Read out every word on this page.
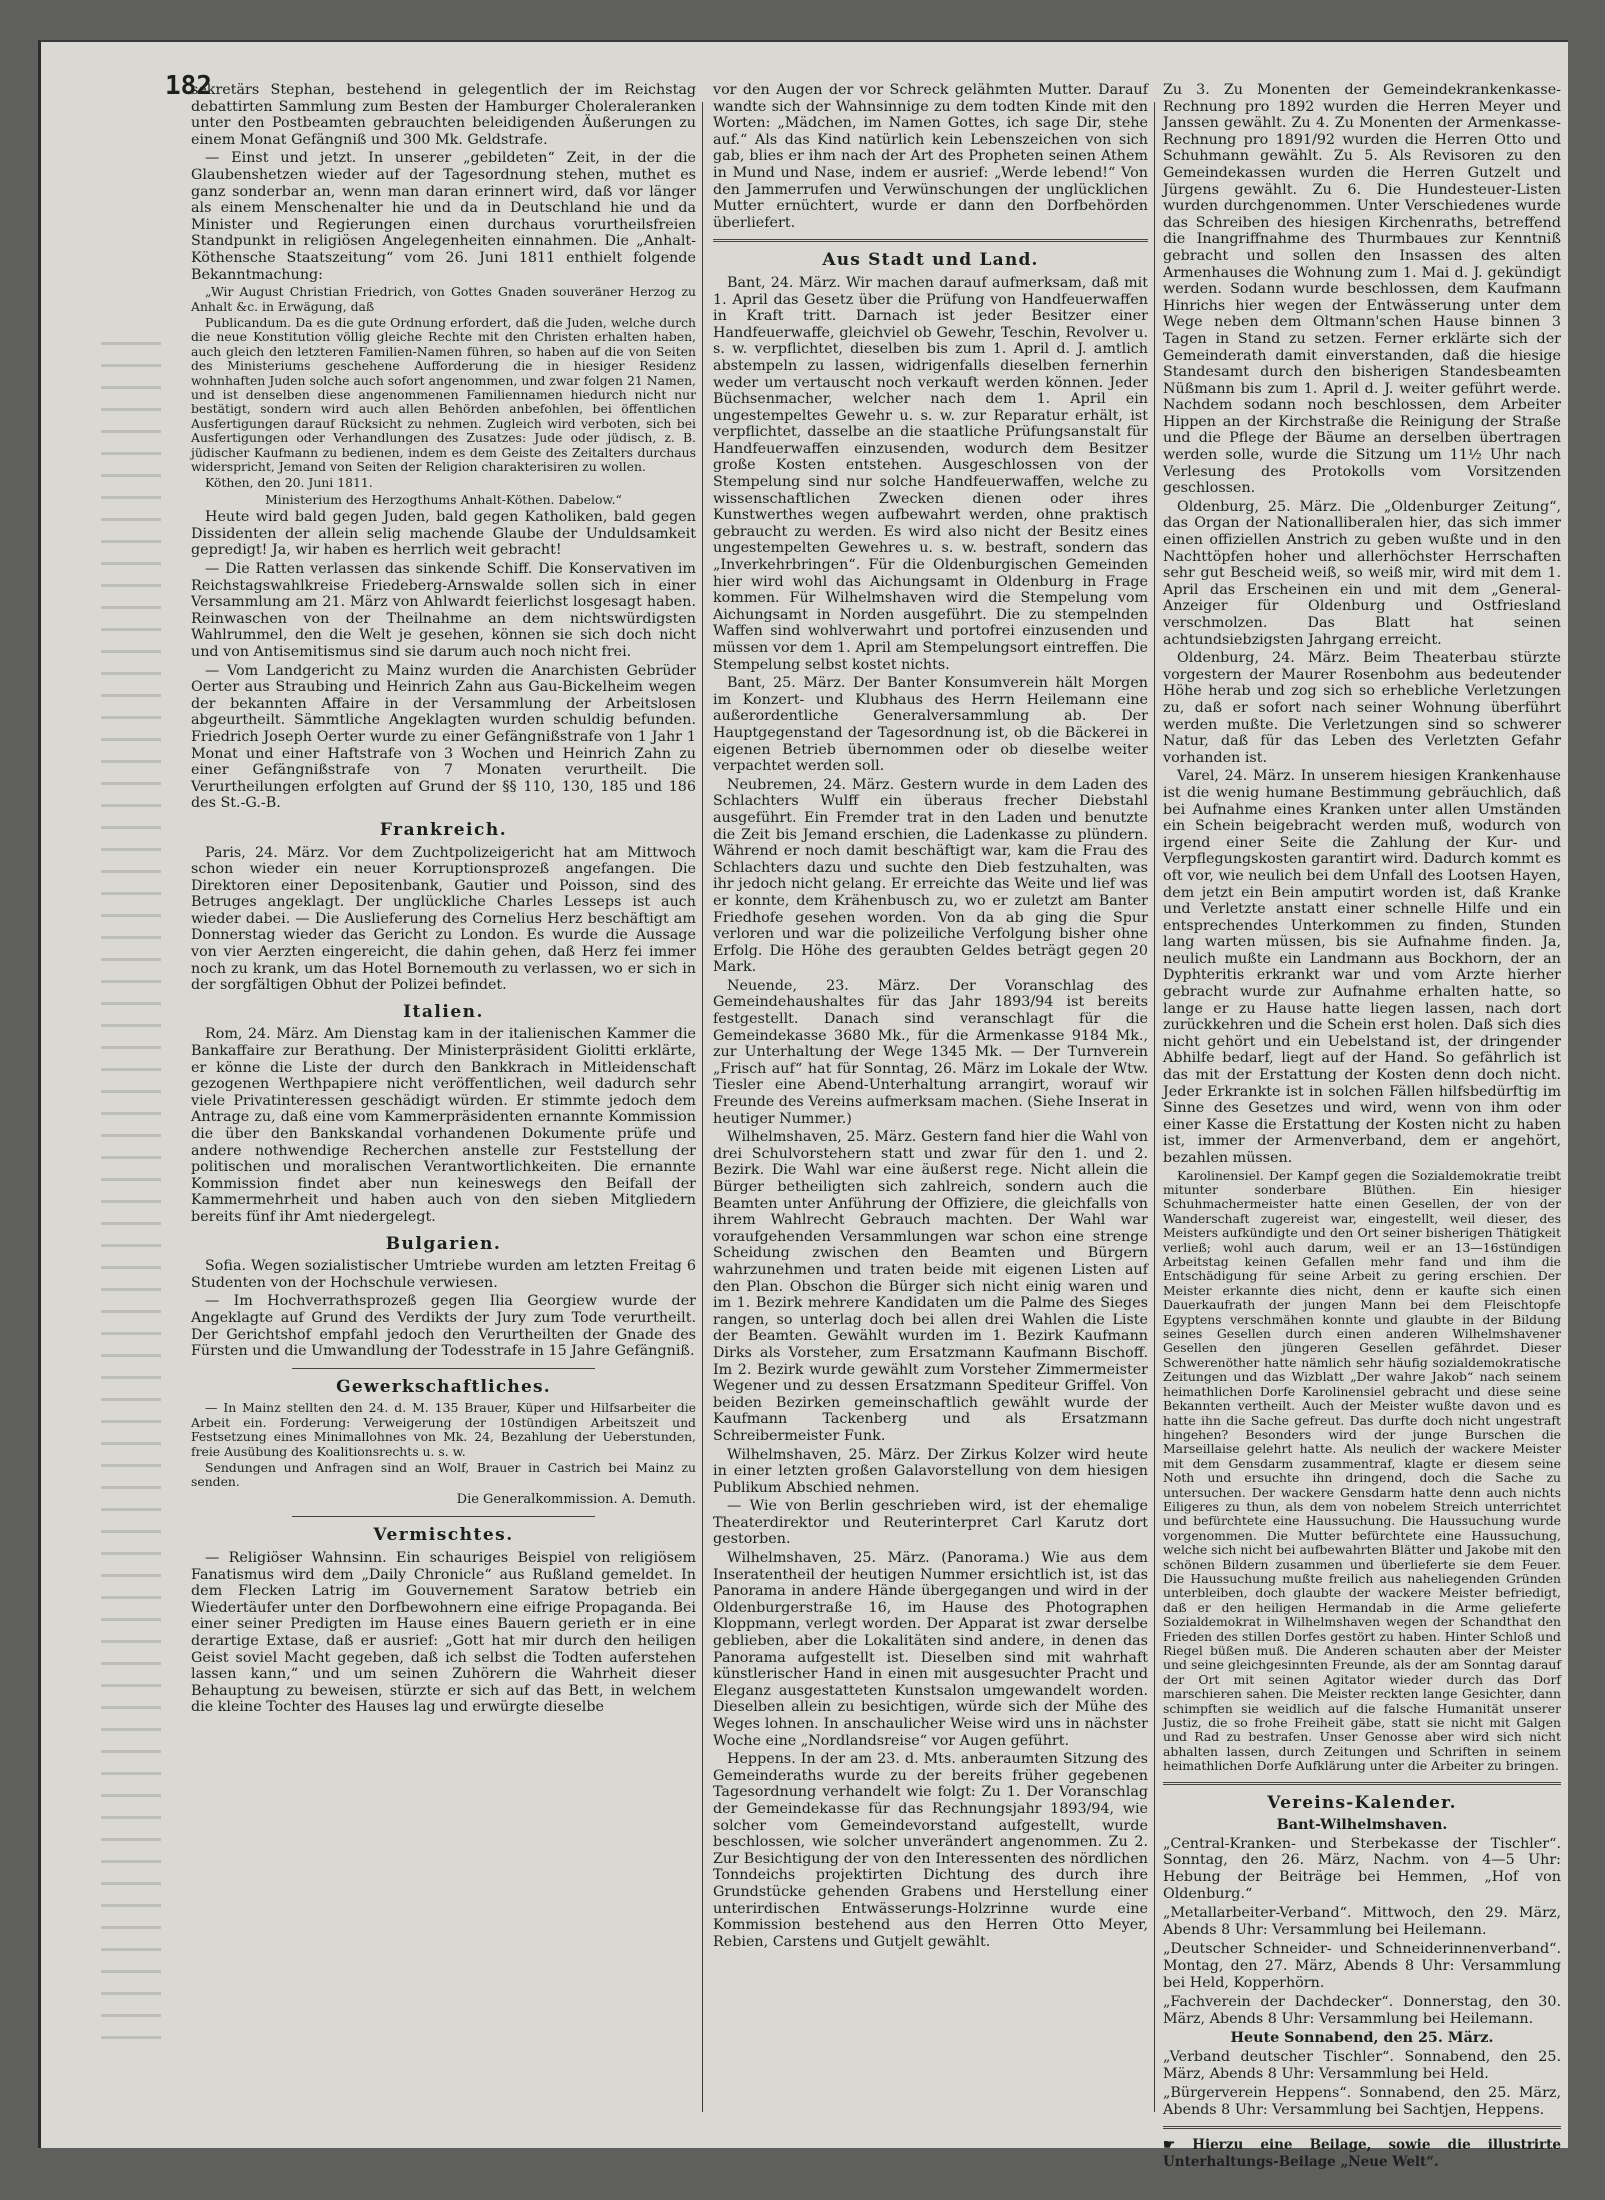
182

sekretärs Stephan, bestehend in gelegentlich der im Reichstag debattirten Sammlung zum Besten der Hamburger Choleraleranken unter den Postbeamten gebrauchten beleidigenden Äußerungen zu einem Monat Gefängniß und 300 Mk. Geldstrafe.

— Einst und jetzt. In unserer „gebildeten“ Zeit, in der die Glaubenshetzen wieder auf der Tagesordnung stehen, muthet es ganz sonderbar an, wenn man daran erinnert wird, daß vor länger als einem Menschenalter hie und da in Deutschland hie und da Minister und Regierungen einen durchaus vorurtheilsfreien Standpunkt in religiösen Angelegenheiten einnahmen. Die „Anhalt-Köthensche Staatszeitung“ vom 26. Juni 1811 enthielt folgende Bekanntmachung:

„Wir August Christian Friedrich, von Gottes Gnaden souveräner Herzog zu Anhalt &c. in Erwägung, daß

Publicandum. Da es die gute Ordnung erfordert, daß die Juden, welche durch die neue Konstitution völlig gleiche Rechte mit den Christen erhalten haben, auch gleich den letzteren Familien-Namen führen, so haben auf die von Seiten des Ministeriums geschehene Aufforderung die in hiesiger Residenz wohnhaften Juden solche auch sofort angenommen, und zwar folgen 21 Namen, und ist denselben diese angenommenen Familiennamen hiedurch nicht nur bestätigt, sondern wird auch allen Behörden anbefohlen, bei öffentlichen Ausfertigungen darauf Rücksicht zu nehmen. Zugleich wird verboten, sich bei Ausfertigungen oder Verhandlungen des Zusatzes: Jude oder jüdisch, z. B. jüdischer Kaufmann zu bedienen, indem es dem Geiste des Zeitalters durchaus widerspricht, Jemand von Seiten der Religion charakterisiren zu wollen.

Köthen, den 20. Juni 1811.

Ministerium des Herzogthums Anhalt-Köthen. Dabelow.“

Heute wird bald gegen Juden, bald gegen Katholiken, bald gegen Dissidenten der allein selig machende Glaube der Unduldsamkeit gepredigt! Ja, wir haben es herrlich weit gebracht!

— Die Ratten verlassen das sinkende Schiff. Die Konservativen im Reichstagswahlkreise Friedeberg-Arnswalde sollen sich in einer Versammlung am 21. März von Ahlwardt feierlichst losgesagt haben. Reinwaschen von der Theilnahme an dem nichtswürdigsten Wahlrummel, den die Welt je gesehen, können sie sich doch nicht und von Antisemitismus sind sie darum auch noch nicht frei.

— Vom Landgericht zu Mainz wurden die Anarchisten Gebrüder Oerter aus Straubing und Heinrich Zahn aus Gau-Bickelheim wegen der bekannten Affaire in der Versammlung der Arbeitslosen abgeurtheilt. Sämmtliche Angeklagten wurden schuldig befunden. Friedrich Joseph Oerter wurde zu einer Gefängnißstrafe von 1 Jahr 1 Monat und einer Haftstrafe von 3 Wochen und Heinrich Zahn zu einer Gefängnißstrafe von 7 Monaten verurtheilt. Die Verurtheilungen erfolgten auf Grund der §§ 110, 130, 185 und 186 des St.-G.-B.

Frankreich.

Paris, 24. März. Vor dem Zuchtpolizeigericht hat am Mittwoch schon wieder ein neuer Korruptionsprozeß angefangen. Die Direktoren einer Depositenbank, Gautier und Poisson, sind des Betruges angeklagt. Der unglückliche Charles Lesseps ist auch wieder dabei. — Die Auslieferung des Cornelius Herz beschäftigt am Donnerstag wieder das Gericht zu London. Es wurde die Aussage von vier Aerzten eingereicht, die dahin gehen, daß Herz fei immer noch zu krank, um das Hotel Bornemouth zu verlassen, wo er sich in der sorgfältigen Obhut der Polizei befindet.

Italien.

Rom, 24. März. Am Dienstag kam in der italienischen Kammer die Bankaffaire zur Berathung. Der Ministerpräsident Giolitti erklärte, er könne die Liste der durch den Bankkrach in Mitleidenschaft gezogenen Werthpapiere nicht veröffentlichen, weil dadurch sehr viele Privatinteressen geschädigt würden. Er stimmte jedoch dem Antrage zu, daß eine vom Kammerpräsidenten ernannte Kommission die über den Bankskandal vorhandenen Dokumente prüfe und andere nothwendige Recherchen anstelle zur Feststellung der politischen und moralischen Verantwortlichkeiten. Die ernannte Kommission findet aber nun keineswegs den Beifall der Kammermehrheit und haben auch von den sieben Mitgliedern bereits fünf ihr Amt niedergelegt.

Bulgarien.

Sofia. Wegen sozialistischer Umtriebe wurden am letzten Freitag 6 Studenten von der Hochschule verwiesen.

— Im Hochverrathsprozeß gegen Ilia Georgiew wurde der Angeklagte auf Grund des Verdikts der Jury zum Tode verurtheilt. Der Gerichtshof empfahl jedoch den Verurtheilten der Gnade des Fürsten und die Umwandlung der Todesstrafe in 15 Jahre Gefängniß.

Gewerkschaftliches.

— In Mainz stellten den 24. d. M. 135 Brauer, Küper und Hilfsarbeiter die Arbeit ein. Forderung: Verweigerung der 10stündigen Arbeitszeit und Festsetzung eines Minimallohnes von Mk. 24, Bezahlung der Ueberstunden, freie Ausübung des Koalitionsrechts u. s. w.

Sendungen und Anfragen sind an Wolf, Brauer in Castrich bei Mainz zu senden.

Die Generalkommission. A. Demuth.

Vermischtes.

— Religiöser Wahnsinn. Ein schauriges Beispiel von religiösem Fanatismus wird dem „Daily Chronicle“ aus Rußland gemeldet. In dem Flecken Latrig im Gouvernement Saratow betrieb ein Wiedertäufer unter den Dorfbewohnern eine eifrige Propaganda. Bei einer seiner Predigten im Hause eines Bauern gerieth er in eine derartige Extase, daß er ausrief: „Gott hat mir durch den heiligen Geist soviel Macht gegeben, daß ich selbst die Todten auferstehen lassen kann,“ und um seinen Zuhörern die Wahrheit dieser Behauptung zu beweisen, stürzte er sich auf das Bett, in welchem die kleine Tochter des Hauses lag und erwürgte dieselbe

vor den Augen der vor Schreck gelähmten Mutter. Darauf wandte sich der Wahnsinnige zu dem todten Kinde mit den Worten: „Mädchen, im Namen Gottes, ich sage Dir, stehe auf.“ Als das Kind natürlich kein Lebenszeichen von sich gab, blies er ihm nach der Art des Propheten seinen Athem in Mund und Nase, indem er ausrief: „Werde lebend!“ Von den Jammerrufen und Verwünschungen der unglücklichen Mutter ernüchtert, wurde er dann den Dorfbehörden überliefert.

Aus Stadt und Land.

Bant, 24. März. Wir machen darauf aufmerksam, daß mit 1. April das Gesetz über die Prüfung von Handfeuerwaffen in Kraft tritt. Darnach ist jeder Besitzer einer Handfeuerwaffe, gleichviel ob Gewehr, Teschin, Revolver u. s. w. verpflichtet, dieselben bis zum 1. April d. J. amtlich abstempeln zu lassen, widrigenfalls dieselben fernerhin weder um vertauscht noch verkauft werden können. Jeder Büchsenmacher, welcher nach dem 1. April ein ungestempeltes Gewehr u. s. w. zur Reparatur erhält, ist verpflichtet, dasselbe an die staatliche Prüfungsanstalt für Handfeuerwaffen einzusenden, wodurch dem Besitzer große Kosten entstehen. Ausgeschlossen von der Stempelung sind nur solche Handfeuerwaffen, welche zu wissenschaftlichen Zwecken dienen oder ihres Kunstwerthes wegen aufbewahrt werden, ohne praktisch gebraucht zu werden. Es wird also nicht der Besitz eines ungestempelten Gewehres u. s. w. bestraft, sondern das „Inverkehrbringen“. Für die Oldenburgischen Gemeinden hier wird wohl das Aichungsamt in Oldenburg in Frage kommen. Für Wilhelmshaven wird die Stempelung vom Aichungsamt in Norden ausgeführt. Die zu stempelnden Waffen sind wohlverwahrt und portofrei einzusenden und müssen vor dem 1. April am Stempelungsort eintreffen. Die Stempelung selbst kostet nichts.

Bant, 25. März. Der Banter Konsumverein hält Morgen im Konzert- und Klubhaus des Herrn Heilemann eine außerordentliche Generalversammlung ab. Der Hauptgegenstand der Tagesordnung ist, ob die Bäckerei in eigenen Betrieb übernommen oder ob dieselbe weiter verpachtet werden soll.

Neubremen, 24. März. Gestern wurde in dem Laden des Schlachters Wulff ein überaus frecher Diebstahl ausgeführt. Ein Fremder trat in den Laden und benutzte die Zeit bis Jemand erschien, die Ladenkasse zu plündern. Während er noch damit beschäftigt war, kam die Frau des Schlachters dazu und suchte den Dieb festzuhalten, was ihr jedoch nicht gelang. Er erreichte das Weite und lief was er konnte, dem Krähenbusch zu, wo er zuletzt am Banter Friedhofe gesehen worden. Von da ab ging die Spur verloren und war die polizeiliche Verfolgung bisher ohne Erfolg. Die Höhe des geraubten Geldes beträgt gegen 20 Mark.

Neuende, 23. März. Der Voranschlag des Gemeindehaushaltes für das Jahr 1893/94 ist bereits festgestellt. Danach sind veranschlagt für die Gemeindekasse 3680 Mk., für die Armenkasse 9184 Mk., zur Unterhaltung der Wege 1345 Mk. — Der Turnverein „Frisch auf“ hat für Sonntag, 26. März im Lokale der Wtw. Tiesler eine Abend-Unterhaltung arrangirt, worauf wir Freunde des Vereins aufmerksam machen. (Siehe Inserat in heutiger Nummer.)

Wilhelmshaven, 25. März. Gestern fand hier die Wahl von drei Schulvorstehern statt und zwar für den 1. und 2. Bezirk. Die Wahl war eine äußerst rege. Nicht allein die Bürger betheiligten sich zahlreich, sondern auch die Beamten unter Anführung der Offiziere, die gleichfalls von ihrem Wahlrecht Gebrauch machten. Der Wahl war voraufgehenden Versammlungen war schon eine strenge Scheidung zwischen den Beamten und Bürgern wahrzunehmen und traten beide mit eigenen Listen auf den Plan. Obschon die Bürger sich nicht einig waren und im 1. Bezirk mehrere Kandidaten um die Palme des Sieges rangen, so unterlag doch bei allen drei Wahlen die Liste der Beamten. Gewählt wurden im 1. Bezirk Kaufmann Dirks als Vorsteher, zum Ersatzmann Kaufmann Bischoff. Im 2. Bezirk wurde gewählt zum Vorsteher Zimmermeister Wegener und zu dessen Ersatzmann Spediteur Griffel. Von beiden Bezirken gemeinschaftlich gewählt wurde der Kaufmann Tackenberg und als Ersatzmann Schreibermeister Funk.

Wilhelmshaven, 25. März. Der Zirkus Kolzer wird heute in einer letzten großen Galavorstellung von dem hiesigen Publikum Abschied nehmen.

— Wie von Berlin geschrieben wird, ist der ehemalige Theaterdirektor und Reuterinterpret Carl Karutz dort gestorben.

Wilhelmshaven, 25. März. (Panorama.) Wie aus dem Inseratentheil der heutigen Nummer ersichtlich ist, ist das Panorama in andere Hände übergegangen und wird in der Oldenburgerstraße 16, im Hause des Photographen Kloppmann, verlegt worden. Der Apparat ist zwar derselbe geblieben, aber die Lokalitäten sind andere, in denen das Panorama aufgestellt ist. Dieselben sind mit wahrhaft künstlerischer Hand in einen mit ausgesuchter Pracht und Eleganz ausgestatteten Kunstsalon umgewandelt worden. Dieselben allein zu besichtigen, würde sich der Mühe des Weges lohnen. In anschaulicher Weise wird uns in nächster Woche eine „Nordlandsreise“ vor Augen geführt.

Heppens. In der am 23. d. Mts. anberaumten Sitzung des Gemeinderaths wurde zu der bereits früher gegebenen Tagesordnung verhandelt wie folgt: Zu 1. Der Voranschlag der Gemeindekasse für das Rechnungsjahr 1893/94, wie solcher vom Gemeindevorstand aufgestellt, wurde beschlossen, wie solcher unverändert angenommen. Zu 2. Zur Besichtigung der von den Interessenten des nördlichen Tonndeichs projektirten Dichtung des durch ihre Grundstücke gehenden Grabens und Herstellung einer unterirdischen Entwässerungs-Holzrinne wurde eine Kommission bestehend aus den Herren Otto Meyer, Rebien, Carstens und Gutjelt gewählt.

Zu 3. Zu Monenten der Gemeindekrankenkasse-Rechnung pro 1892 wurden die Herren Meyer und Janssen gewählt. Zu 4. Zu Monenten der Armenkasse-Rechnung pro 1891/92 wurden die Herren Otto und Schuhmann gewählt. Zu 5. Als Revisoren zu den Gemeindekassen wurden die Herren Gutzelt und Jürgens gewählt. Zu 6. Die Hundesteuer-Listen wurden durchgenommen. Unter Verschiedenes wurde das Schreiben des hiesigen Kirchenraths, betreffend die Inangriffnahme des Thurmbaues zur Kenntniß gebracht und sollen den Insassen des alten Armenhauses die Wohnung zum 1. Mai d. J. gekündigt werden. Sodann wurde beschlossen, dem Kaufmann Hinrichs hier wegen der Entwässerung unter dem Wege neben dem Oltmann'schen Hause binnen 3 Tagen in Stand zu setzen. Ferner erklärte sich der Gemeinderath damit einverstanden, daß die hiesige Standesamt durch den bisherigen Standesbeamten Nüßmann bis zum 1. April d. J. weiter geführt werde. Nachdem sodann noch beschlossen, dem Arbeiter Hippen an der Kirchstraße die Reinigung der Straße und die Pflege der Bäume an derselben übertragen werden solle, wurde die Sitzung um 11½ Uhr nach Verlesung des Protokolls vom Vorsitzenden geschlossen.

Oldenburg, 25. März. Die „Oldenburger Zeitung“, das Organ der Nationalliberalen hier, das sich immer einen offiziellen Anstrich zu geben wußte und in den Nachttöpfen hoher und allerhöchster Herrschaften sehr gut Bescheid weiß, so weiß mir, wird mit dem 1. April das Erscheinen ein und mit dem „General-Anzeiger für Oldenburg und Ostfriesland verschmolzen. Das Blatt hat seinen achtundsiebzigsten Jahrgang erreicht.

Oldenburg, 24. März. Beim Theaterbau stürzte vorgestern der Maurer Rosenbohm aus bedeutender Höhe herab und zog sich so erhebliche Verletzungen zu, daß er sofort nach seiner Wohnung überführt werden mußte. Die Verletzungen sind so schwerer Natur, daß für das Leben des Verletzten Gefahr vorhanden ist.

Varel, 24. März. In unserem hiesigen Krankenhause ist die wenig humane Bestimmung gebräuchlich, daß bei Aufnahme eines Kranken unter allen Umständen ein Schein beigebracht werden muß, wodurch von irgend einer Seite die Zahlung der Kur- und Verpflegungskosten garantirt wird. Dadurch kommt es oft vor, wie neulich bei dem Unfall des Lootsen Hayen, dem jetzt ein Bein amputirt worden ist, daß Kranke und Verletzte anstatt einer schnelle Hilfe und ein entsprechendes Unterkommen zu finden, Stunden lang warten müssen, bis sie Aufnahme finden. Ja, neulich mußte ein Landmann aus Bockhorn, der an Dyphteritis erkrankt war und vom Arzte hierher gebracht wurde zur Aufnahme erhalten hatte, so lange er zu Hause hatte liegen lassen, nach dort zurückkehren und die Schein erst holen. Daß sich dies nicht gehört und ein Uebelstand ist, der dringender Abhilfe bedarf, liegt auf der Hand. So gefährlich ist das mit der Erstattung der Kosten denn doch nicht. Jeder Erkrankte ist in solchen Fällen hilfsbedürftig im Sinne des Gesetzes und wird, wenn von ihm oder einer Kasse die Erstattung der Kosten nicht zu haben ist, immer der Armenverband, dem er angehört, bezahlen müssen.

Karolinensiel. Der Kampf gegen die Sozialdemokratie treibt mitunter sonderbare Blüthen. Ein hiesiger Schuhmachermeister hatte einen Gesellen, der von der Wanderschaft zugereist war, eingestellt, weil dieser, des Meisters aufkündigte und den Ort seiner bisherigen Thätigkeit verließ; wohl auch darum, weil er an 13—16stündigen Arbeitstag keinen Gefallen mehr fand und ihm die Entschädigung für seine Arbeit zu gering erschien. Der Meister erkannte dies nicht, denn er kaufte sich einen Dauerkaufrath der jungen Mann bei dem Fleischtopfe Egyptens verschmähen konnte und glaubte in der Bildung seines Gesellen durch einen anderen Wilhelmshavener Gesellen den jüngeren Gesellen gefährdet. Dieser Schwerenöther hatte nämlich sehr häufig sozialdemokratische Zeitungen und das Wizblatt „Der wahre Jakob“ nach seinem heimathlichen Dorfe Karolinensiel gebracht und diese seine Bekannten vertheilt. Auch der Meister wußte davon und es hatte ihn die Sache gefreut. Das durfte doch nicht ungestraft hingehen? Besonders wird der junge Burschen die Marseillaise gelehrt hatte. Als neulich der wackere Meister mit dem Gensdarm zusammentraf, klagte er diesem seine Noth und ersuchte ihn dringend, doch die Sache zu untersuchen. Der wackere Gensdarm hatte denn auch nichts Eiligeres zu thun, als dem von nobelem Streich unterrichtet und befürchtete eine Haussuchung. Die Haussuchung wurde vorgenommen. Die Mutter befürchtete eine Haussuchung, welche sich nicht bei aufbewahrten Blätter und Jakobe mit den schönen Bildern zusammen und überlieferte sie dem Feuer. Die Haussuchung mußte freilich aus naheliegenden Gründen unterbleiben, doch glaubte der wackere Meister befriedigt, daß er den heiligen Hermandab in die Arme gelieferte Sozialdemokrat in Wilhelmshaven wegen der Schandthat den Frieden des stillen Dorfes gestört zu haben. Hinter Schloß und Riegel büßen muß. Die Anderen schauten aber der Meister und seine gleichgesinnten Freunde, als der am Sonntag darauf der Ort mit seinen Agitator wieder durch das Dorf marschieren sahen. Die Meister reckten lange Gesichter, dann schimpften sie weidlich auf die falsche Humanität unserer Justiz, die so frohe Freiheit gäbe, statt sie nicht mit Galgen und Rad zu bestrafen. Unser Genosse aber wird sich nicht abhalten lassen, durch Zeitungen und Schriften in seinem heimathlichen Dorfe Aufklärung unter die Arbeiter zu bringen.

Vereins-Kalender.

Bant-Wilhelmshaven.

„Central-Kranken- und Sterbekasse der Tischler“. Sonntag, den 26. März, Nachm. von 4—5 Uhr: Hebung der Beiträge bei Hemmen, „Hof von Oldenburg.“

„Metallarbeiter-Verband“. Mittwoch, den 29. März, Abends 8 Uhr: Versammlung bei Heilemann.

„Deutscher Schneider- und Schneiderinnenverband“. Montag, den 27. März, Abends 8 Uhr: Versammlung bei Held, Kopperhörn.

„Fachverein der Dachdecker“. Donnerstag, den 30. März, Abends 8 Uhr: Versammlung bei Heilemann.

Heute Sonnabend, den 25. März.

„Verband deutscher Tischler“. Sonnabend, den 25. März, Abends 8 Uhr: Versammlung bei Held.

„Bürgerverein Heppens“. Sonnabend, den 25. März, Abends 8 Uhr: Versammlung bei Sachtjen, Heppens.

☛ Hierzu eine Beilage, sowie die illustrirte Unterhaltungs-Beilage „Neue Welt“.
